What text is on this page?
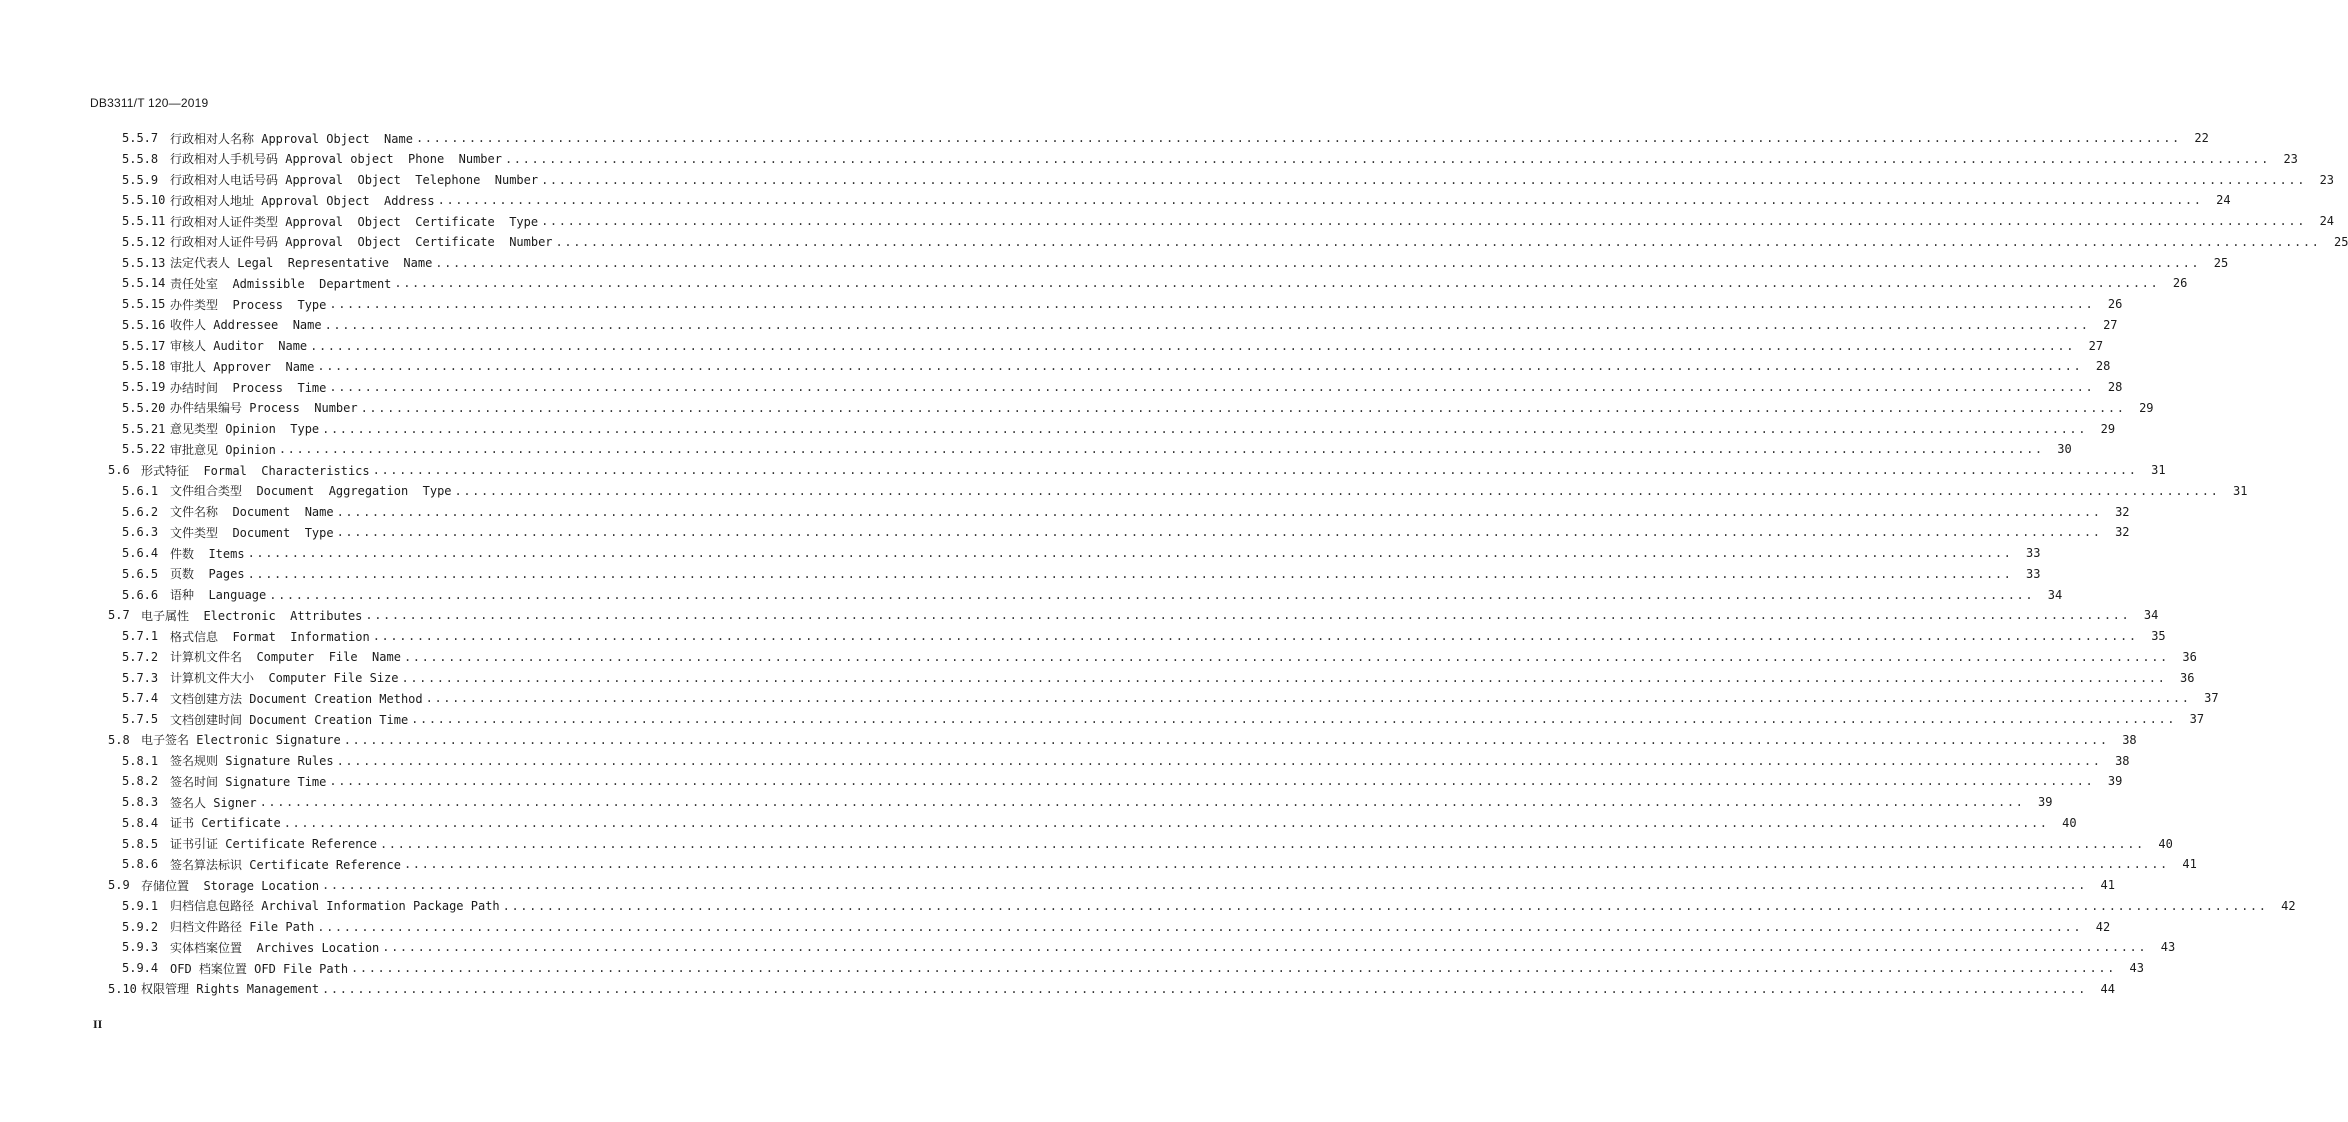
DB3311/T 120—2019
5.5.7 行政相对人名称 Approval Object  Name ........................................................................................................................................................................................................	22
5.5.8 行政相对人手机号码 Approval object  Phone  Number ........................................................................................................................................................................................................	23
5.5.9 行政相对人电话号码 Approval  Object  Telephone  Number ........................................................................................................................................................................................................	23
5.5.10 行政相对人地址 Approval Object  Address ........................................................................................................................................................................................................	24
5.5.11 行政相对人证件类型 Approval  Object  Certificate  Type ........................................................................................................................................................................................................	24
5.5.12 行政相对人证件号码 Approval  Object  Certificate  Number ........................................................................................................................................................................................................	25
5.5.13 法定代表人 Legal  Representative  Name ........................................................................................................................................................................................................	25
5.5.14 责任处室  Admissible  Department ........................................................................................................................................................................................................	26
5.5.15 办件类型  Process  Type ........................................................................................................................................................................................................	26
5.5.16 收件人 Addressee  Name ........................................................................................................................................................................................................	27
5.5.17 审核人 Auditor  Name ........................................................................................................................................................................................................	27
5.5.18 审批人 Approver  Name ........................................................................................................................................................................................................	28
5.5.19 办结时间  Process  Time ........................................................................................................................................................................................................	28
5.5.20 办件结果编号 Process  Number ........................................................................................................................................................................................................	29
5.5.21 意见类型 Opinion  Type ........................................................................................................................................................................................................	29
5.5.22 审批意见 Opinion ........................................................................................................................................................................................................	30
5.6 形式特征  Formal  Characteristics ........................................................................................................................................................................................................	31
5.6.1 文件组合类型  Document  Aggregation  Type ........................................................................................................................................................................................................	31
5.6.2 文件名称  Document  Name ........................................................................................................................................................................................................	32
5.6.3 文件类型  Document  Type ........................................................................................................................................................................................................	32
5.6.4 件数  Items ........................................................................................................................................................................................................	33
5.6.5 页数  Pages ........................................................................................................................................................................................................	33
5.6.6 语种  Language ........................................................................................................................................................................................................	34
5.7 电子属性  Electronic  Attributes ........................................................................................................................................................................................................	34
5.7.1 格式信息  Format  Information ........................................................................................................................................................................................................	35
5.7.2 计算机文件名  Computer  File  Name ........................................................................................................................................................................................................	36
5.7.3 计算机文件大小  Computer File Size ........................................................................................................................................................................................................	36
5.7.4 文档创建方法 Document Creation Method ........................................................................................................................................................................................................	37
5.7.5 文档创建时间 Document Creation Time ........................................................................................................................................................................................................	37
5.8 电子签名 Electronic Signature ........................................................................................................................................................................................................	38
5.8.1 签名规则 Signature Rules ........................................................................................................................................................................................................	38
5.8.2 签名时间 Signature Time ........................................................................................................................................................................................................	39
5.8.3 签名人 Signer ........................................................................................................................................................................................................	39
5.8.4 证书 Certificate ........................................................................................................................................................................................................	40
5.8.5 证书引证 Certificate Reference ........................................................................................................................................................................................................	40
5.8.6 签名算法标识 Certificate Reference ........................................................................................................................................................................................................	41
5.9 存储位置  Storage Location ........................................................................................................................................................................................................	41
5.9.1 归档信息包路径 Archival Information Package Path ........................................................................................................................................................................................................	42
5.9.2 归档文件路径 File Path ........................................................................................................................................................................................................	42
5.9.3 实体档案位置  Archives Location ........................................................................................................................................................................................................	43
5.9.4 OFD 档案位置 OFD File Path ........................................................................................................................................................................................................	43
5.10 权限管理 Rights Management ........................................................................................................................................................................................................	44
II
